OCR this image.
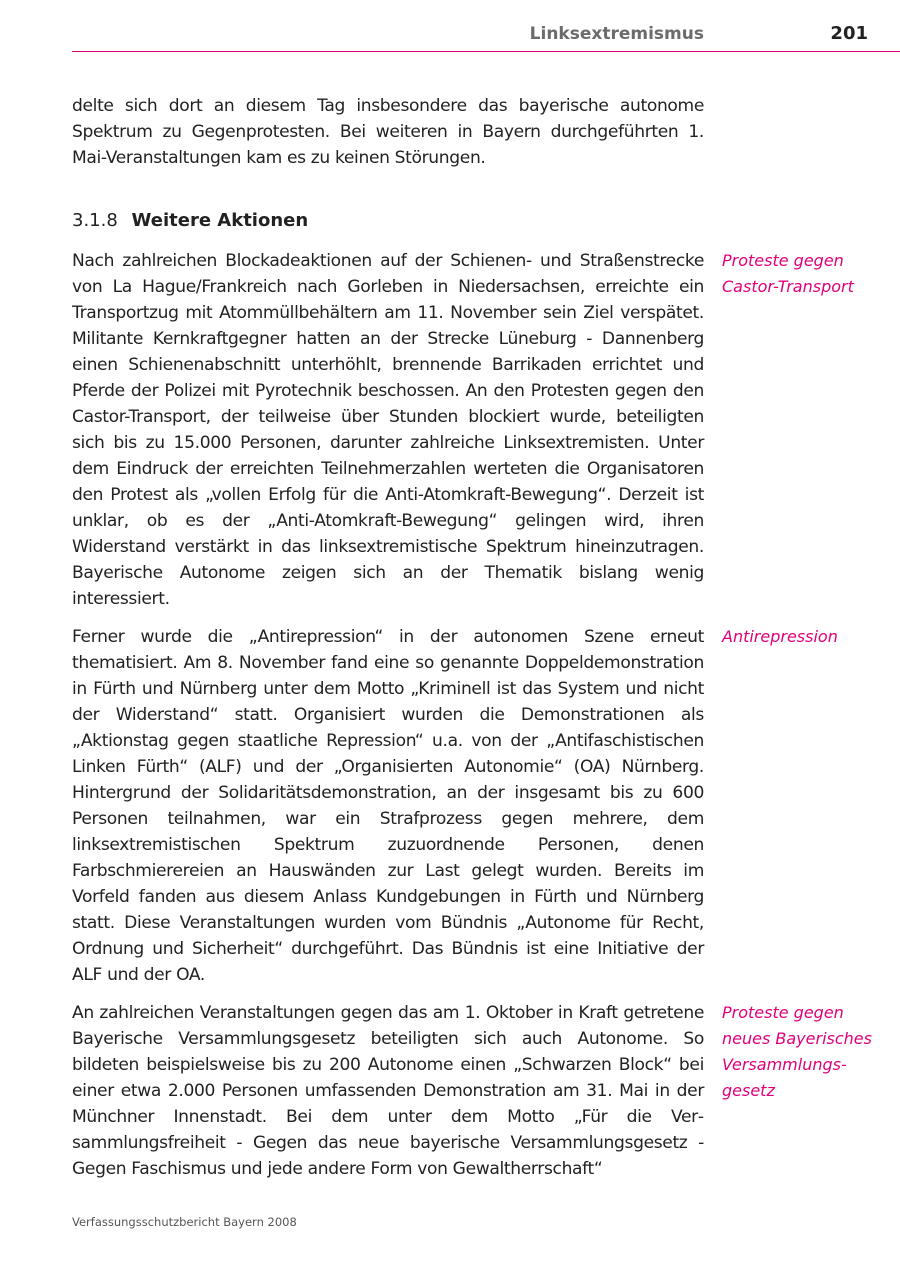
Linksextremismus	201

delte sich dort an diesem Tag insbesondere das bayerische autonome Spektrum zu Gegenprotesten. Bei weiteren in Bayern durchgeführten 1. Mai-Veranstaltungen kam es zu keinen Störungen.

3.1.8 Weitere Aktionen

Nach zahlreichen Blockadeaktionen auf der Schienen- und Straßenstrecke von La Hague/Frankreich nach Gorleben in Niedersachsen, erreichte ein Transportzug mit Atommüllbehältern am 11. November sein Ziel verspätet. Militante Kernkraftgegner hatten an der Strecke Lüneburg - Dannenberg einen Schienenabschnitt unterhöhlt, brennende Barrikaden errichtet und Pferde der Polizei mit Pyrotechnik beschossen. An den Protesten gegen den Castor-Transport, der teilweise über Stunden blockiert wurde, beteiligten sich bis zu 15.000 Personen, darunter zahlreiche Linksextremisten. Unter dem Eindruck der erreichten Teilnehmerzahlen werteten die Organisatoren den Protest als „vollen Erfolg für die Anti-Atomkraft-Bewegung“. Derzeit ist unklar, ob es der „Anti-Atomkraft-Bewegung“ gelingen wird, ihren Widerstand verstärkt in das linksextremistische Spektrum hineinzutragen. Bayerische Autonome zeigen sich an der Thematik bislang wenig interessiert.

Proteste gegen
Castor-Transport

Ferner wurde die „Antirepression“ in der autonomen Szene erneut thematisiert. Am 8. November fand eine so genannte Doppeldemonstration in Fürth und Nürnberg unter dem Motto „Kriminell ist das System und nicht der Widerstand“ statt. Organisiert wurden die Demonstrationen als „Aktionstag gegen staatliche Repression“ u.a. von der „Antifaschistischen Linken Fürth“ (ALF) und der „Organisierten Autonomie“ (OA) Nürnberg. Hintergrund der Solidaritätsdemonstration, an der insgesamt bis zu 600 Personen teilnahmen, war ein Strafprozess gegen mehrere, dem linksextremistischen Spektrum zuzuordnende Personen, denen Farbschmierereien an Hauswänden zur Last gelegt wurden. Bereits im Vorfeld fanden aus diesem Anlass Kundgebungen in Fürth und Nürnberg statt. Diese Veranstaltungen wurden vom Bündnis „Autonome für Recht, Ordnung und Sicherheit“ durchgeführt. Das Bündnis ist eine Initiative der ALF und der OA.

Antirepression

An zahlreichen Veranstaltungen gegen das am 1. Oktober in Kraft getretene Bayerische Versammlungsgesetz beteiligten sich auch Autonome. So bildeten beispielsweise bis zu 200 Autonome einen „Schwarzen Block“ bei einer etwa 2.000 Personen umfassenden Demonstration am 31. Mai in der Münchner Innenstadt. Bei dem unter dem Motto „Für die Versammlungsfreiheit - Gegen das neue bayerische Versammlungsgesetz - Gegen Faschismus und jede andere Form von Gewaltherrschaft“

Proteste gegen
neues Bayerisches
Versammlungs-
gesetz
Verfassungsschutzbericht Bayern 2008
